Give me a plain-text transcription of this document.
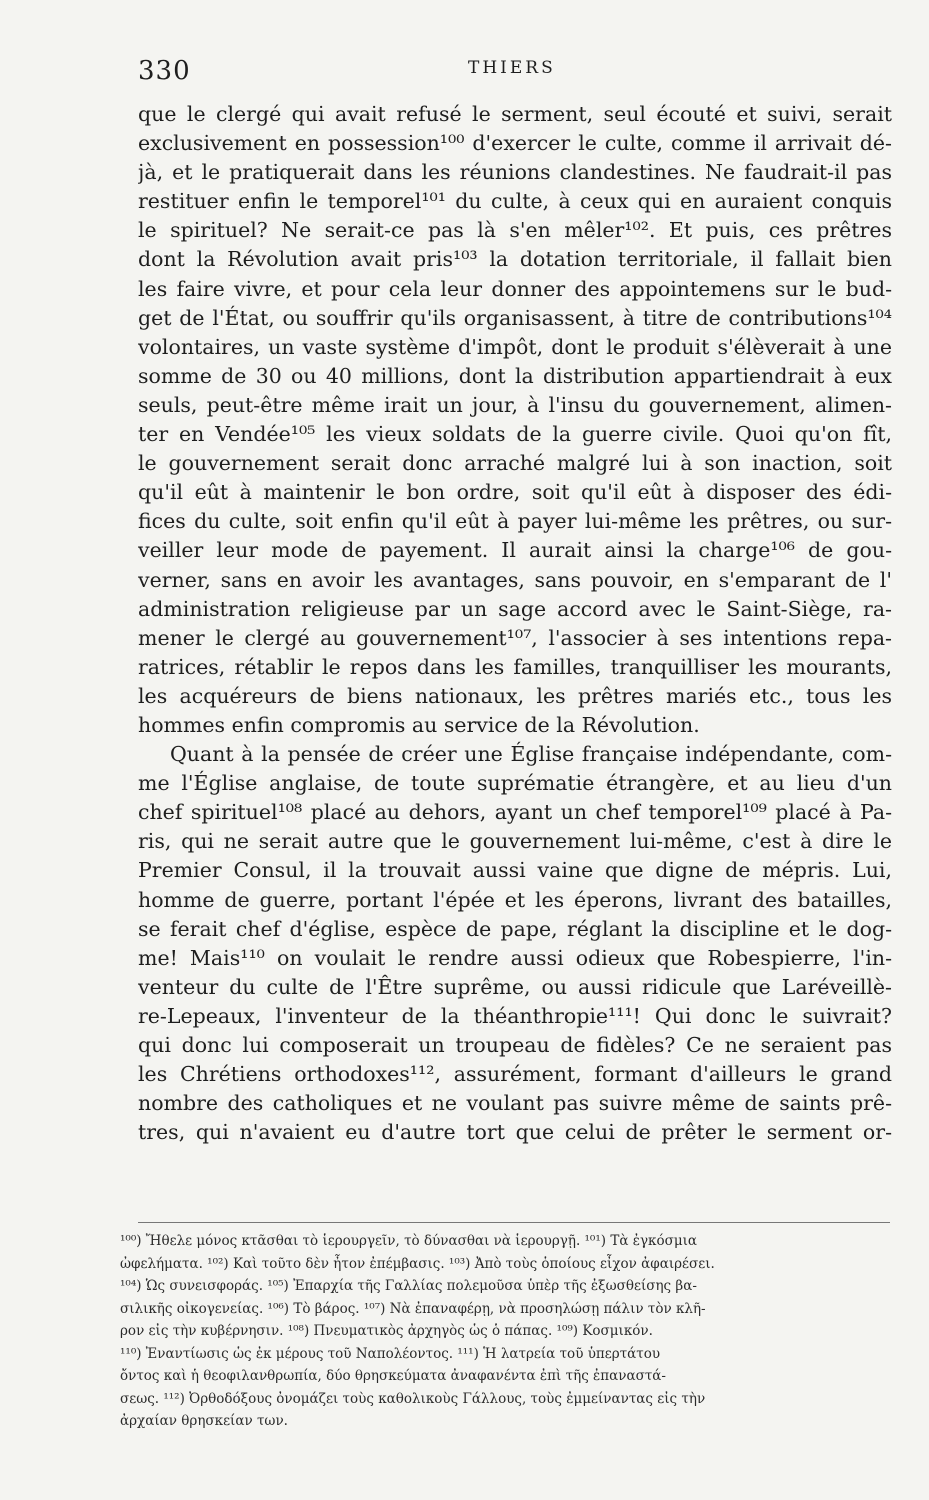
330	THIERS
que le clergé qui avait refusé le serment, seul écouté et suivi, serait
exclusivement en possession¹⁰⁰ d'exercer le culte, comme il arrivait dé-
jà, et le pratiquerait dans les réunions clandestines. Ne faudrait-il pas
restituer enfin le temporel¹⁰¹ du culte, à ceux qui en auraient conquis
le spirituel? Ne serait-ce pas là s'en mêler¹⁰². Et puis, ces prêtres
dont la Révolution avait pris¹⁰³ la dotation territoriale, il fallait bien
les faire vivre, et pour cela leur donner des appointemens sur le bud-
get de l'État, ou souffrir qu'ils organisassent, à titre de contributions¹⁰⁴
volontaires, un vaste système d'impôt, dont le produit s'élèverait à une
somme de 30 ou 40 millions, dont la distribution appartiendrait à eux
seuls, peut-être même irait un jour, à l'insu du gouvernement, alimen-
ter en Vendée¹⁰⁵ les vieux soldats de la guerre civile. Quoi qu'on fît,
le gouvernement serait donc arraché malgré lui à son inaction, soit
qu'il eût à maintenir le bon ordre, soit qu'il eût à disposer des édi-
fices du culte, soit enfin qu'il eût à payer lui-même les prêtres, ou sur-
veiller leur mode de payement. Il aurait ainsi la charge¹⁰⁶ de gou-
verner, sans en avoir les avantages, sans pouvoir, en s'emparant de l'
administration religieuse par un sage accord avec le Saint-Siège, ra-
mener le clergé au gouvernement¹⁰⁷, l'associer à ses intentions repa-
ratrices, rétablir le repos dans les familles, tranquilliser les mourants,
les acquéreurs de biens nationaux, les prêtres mariés etc., tous les
hommes enfin compromis au service de la Révolution.
Quant à la pensée de créer une Église française indépendante, com-
me l'Église anglaise, de toute suprématie étrangère, et au lieu d'un
chef spirituel¹⁰⁸ placé au dehors, ayant un chef temporel¹⁰⁹ placé à Pa-
ris, qui ne serait autre que le gouvernement lui-même, c'est à dire le
Premier Consul, il la trouvait aussi vaine que digne de mépris. Lui,
homme de guerre, portant l'épée et les éperons, livrant des batailles,
se ferait chef d'église, espèce de pape, réglant la discipline et le dog-
me! Mais¹¹⁰ on voulait le rendre aussi odieux que Robespierre, l'in-
venteur du culte de l'Être suprême, ou aussi ridicule que Laréveillè-
re-Lepeaux, l'inventeur de la théanthropie¹¹¹! Qui donc le suivrait?
qui donc lui composerait un troupeau de fidèles? Ce ne seraient pas
les Chrétiens orthodoxes¹¹², assurément, formant d'ailleurs le grand
nombre des catholiques et ne voulant pas suivre même de saints prê-
tres, qui n'avaient eu d'autre tort que celui de prêter le serment or-
¹⁰⁰) Ἤθελε μόνος κτᾶσθαι τὸ ἱερουργεῖν, τὸ δύνασθαι νὰ ἱερουργῇ. ¹⁰¹) Τὰ ἐγκόσμια
ὠφελήματα. ¹⁰²) Καὶ τοῦτο δὲν ἦτον ἐπέμβασις. ¹⁰³) Ἀπὸ τοὺς ὁποίους εἶχον ἀφαιρέσει.
¹⁰⁴) Ὡς συνεισφοράς. ¹⁰⁵) Ἐπαρχία τῆς Γαλλίας πολεμοῦσα ὑπὲρ τῆς ἐξωσθείσης βα-
σιλικῆς οἰκογενείας. ¹⁰⁶) Τὸ βάρος. ¹⁰⁷) Νὰ ἐπαναφέρῃ, νὰ προσηλώσῃ πάλιν τὸν κλῆ-
ρον εἰς τὴν κυβέρνησιν. ¹⁰⁸) Πνευματικὸς ἀρχηγὸς ὡς ὁ πάπας. ¹⁰⁹) Κοσμικόν.
¹¹⁰) Ἐναντίωσις ὡς ἐκ μέρους τοῦ Ναπολέοντος. ¹¹¹) Ἡ λατρεία τοῦ ὑπερτάτου
ὄντος καὶ ἡ θεοφιλανθρωπία, δύο θρησκεύματα ἀναφανέντα ἐπὶ τῆς ἐπαναστά-
σεως. ¹¹²) Ὀρθοδόξους ὀνομάζει τοὺς καθολικοὺς Γάλλους, τοὺς ἐμμείναντας εἰς τὴν
ἀρχαίαν θρησκείαν των.
